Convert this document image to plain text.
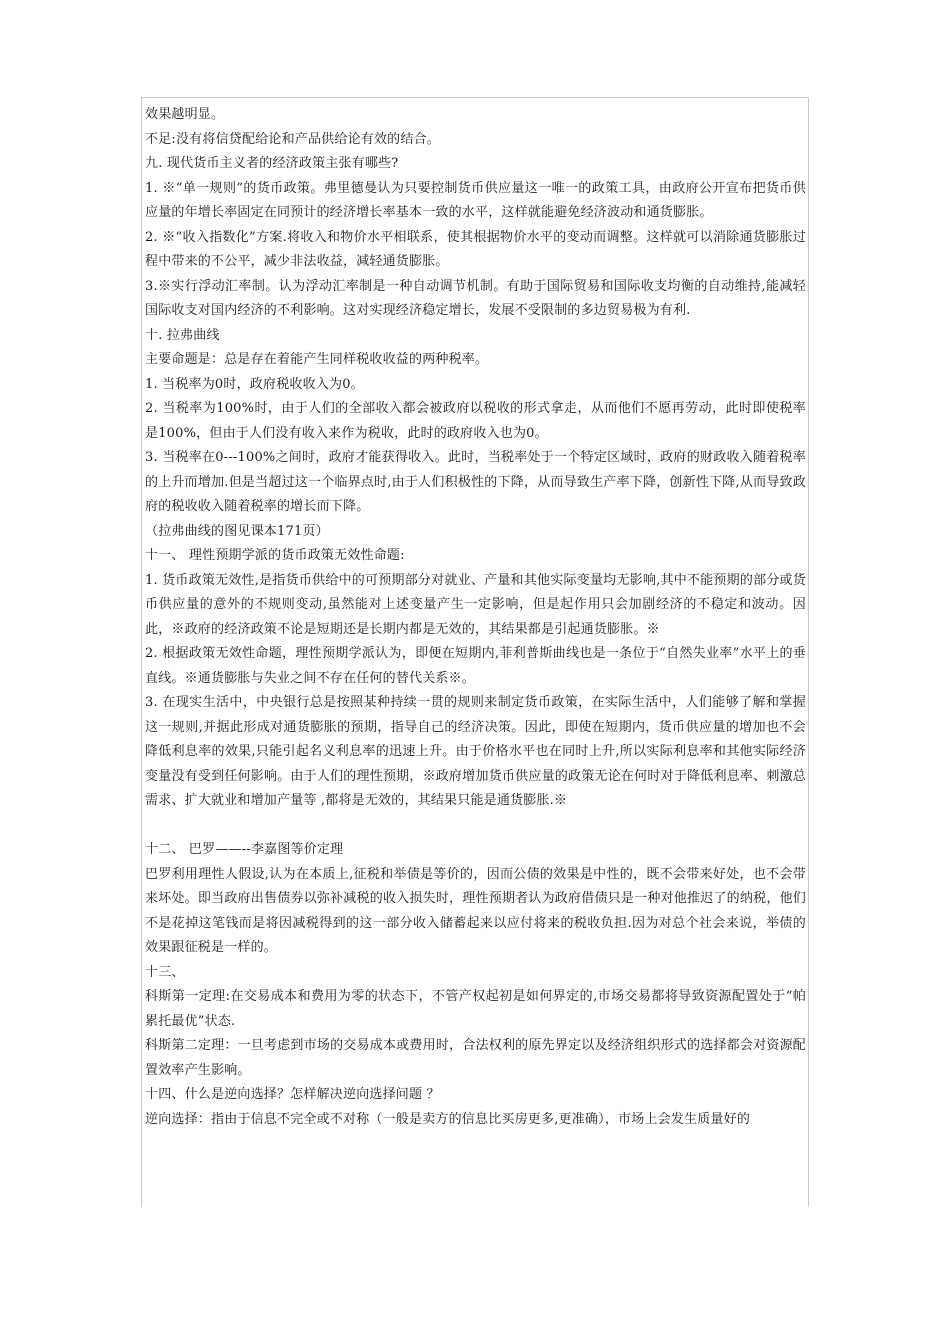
效果越明显。

不足:没有将信贷配给论和产品供给论有效的结合。

九. 现代货币主义者的经济政策主张有哪些?

1. ※“单一规则”的货币政策。弗里德曼认为只要控制货币供应量这一唯一的政策工具，由政府公开宣布把货币供应量的年增长率固定在同预计的经济增长率基本一致的水平，这样就能避免经济波动和通货膨胀。

2. ※“收入指数化”方案.将收入和物价水平相联系，使其根据物价水平的变动而调整。这样就可以消除通货膨胀过程中带来的不公平，减少非法收益，减轻通货膨胀。

3.※实行浮动汇率制。认为浮动汇率制是一种自动调节机制。有助于国际贸易和国际收支均衡的自动维持,能减轻国际收支对国内经济的不利影响。这对实现经济稳定增长，发展不受限制的多边贸易极为有利.

十. 拉弗曲线

主要命题是：总是存在着能产生同样税收收益的两种税率。

1. 当税率为0时，政府税收收入为0。

2. 当税率为100%时，由于人们的全部收入都会被政府以税收的形式拿走，从而他们不愿再劳动，此时即使税率是100%，但由于人们没有收入来作为税收，此时的政府收入也为0。

3. 当税率在0---100%之间时，政府才能获得收入。此时，当税率处于一个特定区域时，政府的财政收入随着税率的上升而增加.但是当超过这一个临界点时,由于人们积极性的下降，从而导致生产率下降，创新性下降,从而导致政府的税收收入随着税率的增长而下降。

（拉弗曲线的图见课本171页）

十一、 理性预期学派的货币政策无效性命题:

1. 货币政策无效性,是指货币供给中的可预期部分对就业、产量和其他实际变量均无影响,其中不能预期的部分或货币供应量的意外的不规则变动,虽然能对上述变量产生一定影响，但是起作用只会加剧经济的不稳定和波动。因此，※政府的经济政策不论是短期还是长期内都是无效的，其结果都是引起通货膨胀。※

2. 根据政策无效性命题，理性预期学派认为，即便在短期内,菲利普斯曲线也是一条位于“自然失业率”水平上的垂直线。※通货膨胀与失业之间不存在任何的替代关系※。

3. 在现实生活中，中央银行总是按照某种持续一贯的规则来制定货币政策，在实际生活中，人们能够了解和掌握这一规则,并据此形成对通货膨胀的预期，指导自己的经济决策。因此，即使在短期内，货币供应量的增加也不会降低利息率的效果,只能引起名义利息率的迅速上升。由于价格水平也在同时上升,所以实际利息率和其他实际经济变量没有受到任何影响。由于人们的理性预期，※政府增加货币供应量的政策无论在何时对于降低利息率、刺激总需求、扩大就业和增加产量等 ,都将是无效的，其结果只能是通货膨胀.※

十二、 巴罗——--李嘉图等价定理

巴罗利用理性人假设,认为在本质上,征税和举债是等价的，因而公债的效果是中性的，既不会带来好处，也不会带来坏处。即当政府出售债券以弥补减税的收入损失时，理性预期者认为政府借债只是一种对他推迟了的纳税，他们不是花掉这笔钱而是将因减税得到的这一部分收入储蓄起来以应付将来的税收负担.因为对总个社会来说，举债的效果跟征税是一样的。

十三、

科斯第一定理:在交易成本和费用为零的状态下，不管产权起初是如何界定的,市场交易都将导致资源配置处于“帕累托最优”状态.

科斯第二定理：一旦考虑到市场的交易成本或费用时，合法权利的原先界定以及经济组织形式的选择都会对资源配置效率产生影响。

十四、什么是逆向选择？怎样解决逆向选择问题 ？

逆向选择：指由于信息不完全或不对称（一般是卖方的信息比买房更多,更准确），市场上会发生质量好的
